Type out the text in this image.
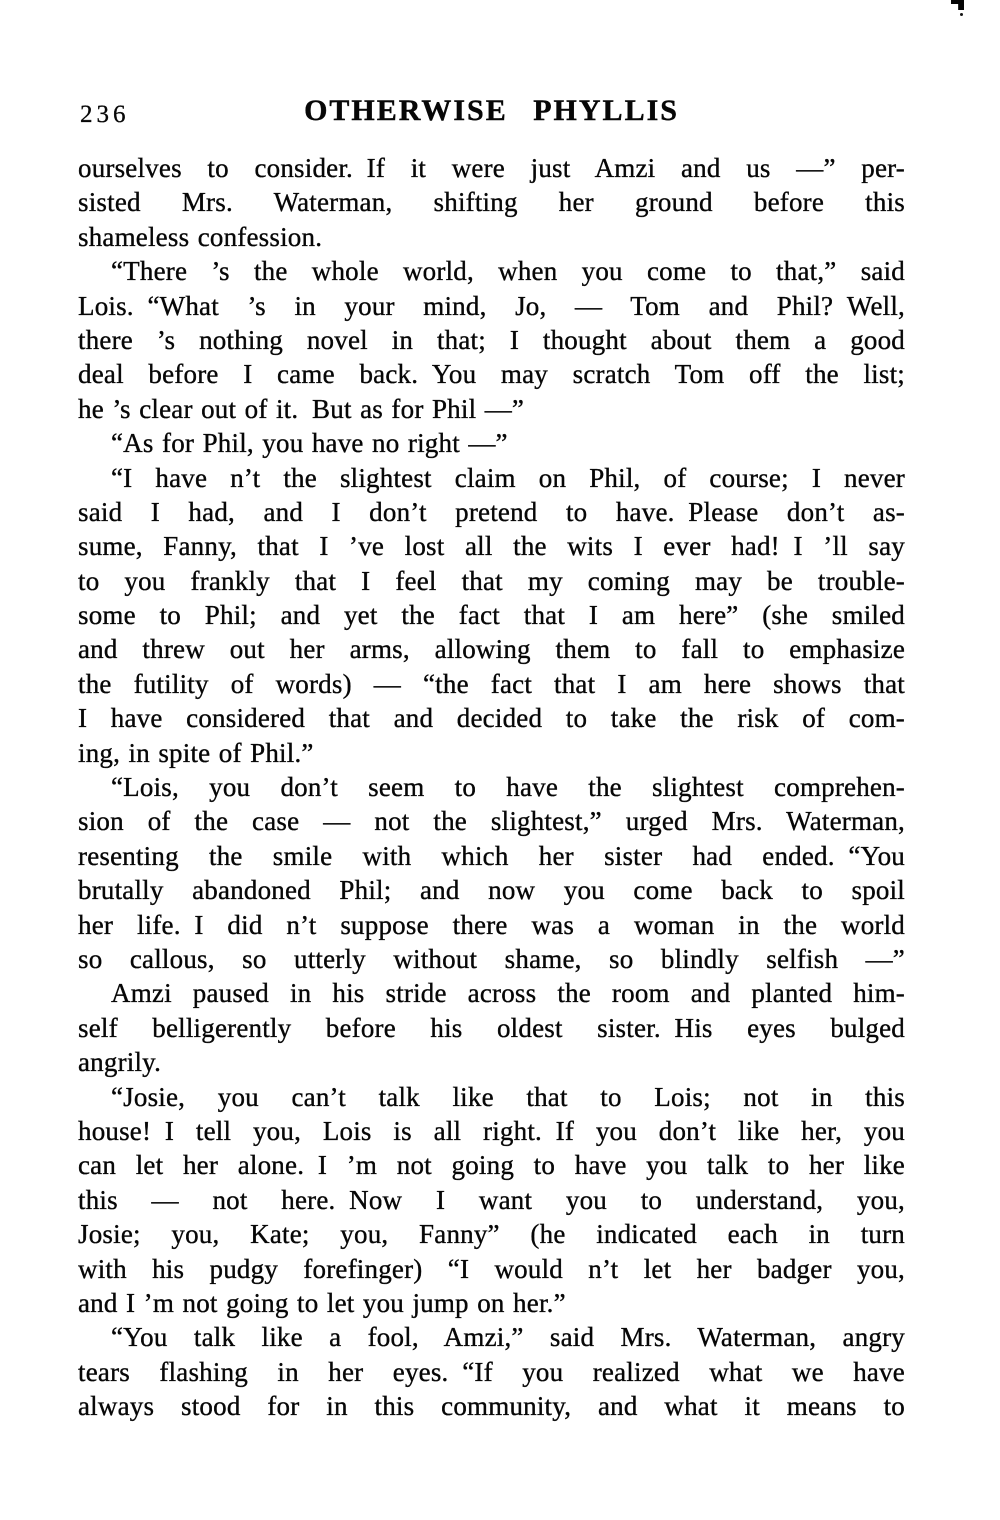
236	OTHERWISE PHYLLIS
ourselves to consider. If it were just Amzi and us —” per-
sisted Mrs. Waterman, shifting her ground before this
shameless confession.
“There ’s the whole world, when you come to that,” said
Lois. “What ’s in your mind, Jo, — Tom and Phil? Well,
there ’s nothing novel in that; I thought about them a good
deal before I came back. You may scratch Tom off the list;
he ’s clear out of it. But as for Phil —”
“As for Phil, you have no right —”
“I have n’t the slightest claim on Phil, of course; I never
said I had, and I don’t pretend to have. Please don’t as-
sume, Fanny, that I ’ve lost all the wits I ever had! I ’ll say
to you frankly that I feel that my coming may be trouble-
some to Phil; and yet the fact that I am here” (she smiled
and threw out her arms, allowing them to fall to emphasize
the futility of words) — “the fact that I am here shows that
I have considered that and decided to take the risk of com-
ing, in spite of Phil.”
“Lois, you don’t seem to have the slightest comprehen-
sion of the case — not the slightest,” urged Mrs. Waterman,
resenting the smile with which her sister had ended. “You
brutally abandoned Phil; and now you come back to spoil
her life. I did n’t suppose there was a woman in the world
so callous, so utterly without shame, so blindly selfish —”
Amzi paused in his stride across the room and planted him-
self belligerently before his oldest sister. His eyes bulged
angrily.
“Josie, you can’t talk like that to Lois; not in this
house! I tell you, Lois is all right. If you don’t like her, you
can let her alone. I ’m not going to have you talk to her like
this — not here. Now I want you to understand, you,
Josie; you, Kate; you, Fanny” (he indicated each in turn
with his pudgy forefinger) “I would n’t let her badger you,
and I ’m not going to let you jump on her.”
“You talk like a fool, Amzi,” said Mrs. Waterman, angry
tears flashing in her eyes. “If you realized what we have
always stood for in this community, and what it means to
